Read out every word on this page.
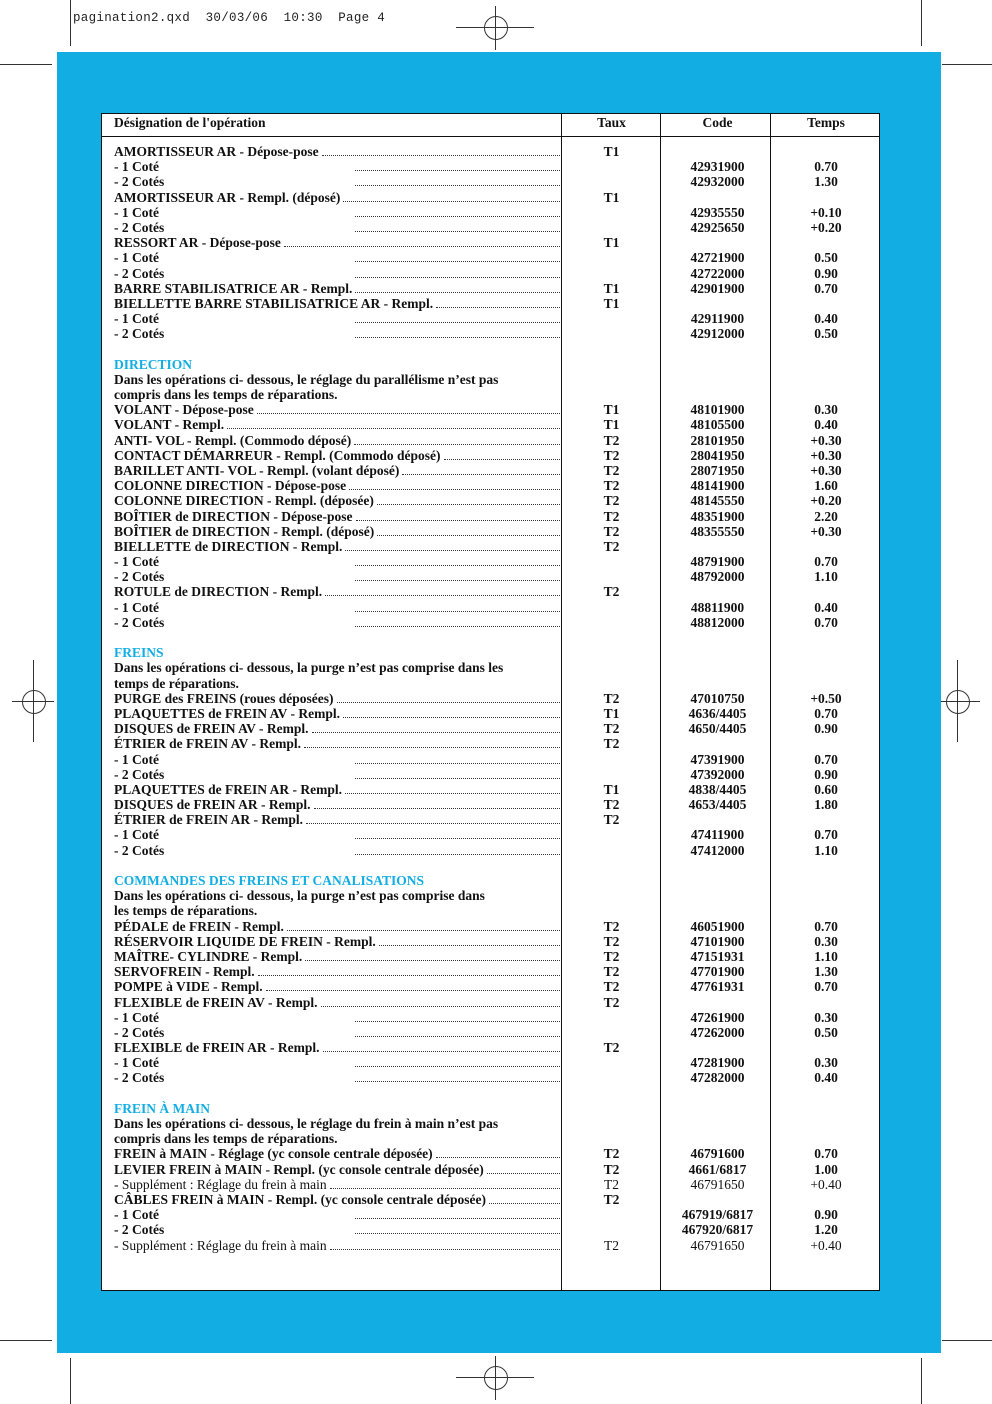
pagination2.qxd  30/03/06  10:30  Page 4
Désignation de l'opération	Taux	Code	Temps
AMORTISSEUR AR - Dépose-pose	T1
- 1 Coté	42931900	0.70
- 2 Cotés	42932000	1.30
AMORTISSEUR AR - Rempl. (déposé)	T1
- 1 Coté	42935550	+0.10
- 2 Cotés	42925650	+0.20
RESSORT AR - Dépose-pose	T1
- 1 Coté	42721900	0.50
- 2 Cotés	42722000	0.90
BARRE STABILISATRICE AR - Rempl.	T1	42901900	0.70
BIELLETTE BARRE STABILISATRICE AR - Rempl.	T1
- 1 Coté	42911900	0.40
- 2 Cotés	42912000	0.50
DIRECTION
Dans les opérations ci- dessous, le réglage du parallélisme n’est pas
compris dans les temps de réparations.
VOLANT - Dépose-pose	T1	48101900	0.30
VOLANT - Rempl.	T1	48105500	0.40
ANTI- VOL - Rempl. (Commodo déposé)	T2	28101950	+0.30
CONTACT DÉMARREUR - Rempl. (Commodo déposé)	T2	28041950	+0.30
BARILLET ANTI- VOL - Rempl. (volant déposé)	T2	28071950	+0.30
COLONNE DIRECTION - Dépose-pose	T2	48141900	1.60
COLONNE DIRECTION - Rempl. (déposée)	T2	48145550	+0.20
BOÎTIER de DIRECTION - Dépose-pose	T2	48351900	2.20
BOÎTIER de DIRECTION - Rempl. (déposé)	T2	48355550	+0.30
BIELLETTE de DIRECTION - Rempl.	T2
- 1 Coté	48791900	0.70
- 2 Cotés	48792000	1.10
ROTULE de DIRECTION - Rempl.	T2
- 1 Coté	48811900	0.40
- 2 Cotés	48812000	0.70
FREINS
Dans les opérations ci- dessous, la purge n’est pas comprise dans les
temps de réparations.
PURGE des FREINS (roues déposées)	T2	47010750	+0.50
PLAQUETTES de FREIN AV - Rempl.	T1	4636/4405	0.70
DISQUES de FREIN AV - Rempl.	T2	4650/4405	0.90
ÉTRIER de FREIN AV - Rempl.	T2
- 1 Coté	47391900	0.70
- 2 Cotés	47392000	0.90
PLAQUETTES de FREIN AR - Rempl.	T1	4838/4405	0.60
DISQUES de FREIN AR - Rempl.	T2	4653/4405	1.80
ÉTRIER de FREIN AR - Rempl.	T2
- 1 Coté	47411900	0.70
- 2 Cotés	47412000	1.10
COMMANDES DES FREINS ET CANALISATIONS
Dans les opérations ci- dessous, la purge n’est pas comprise dans
les temps de réparations.
PÉDALE de FREIN - Rempl.	T2	46051900	0.70
RÉSERVOIR LIQUIDE DE FREIN - Rempl.	T2	47101900	0.30
MAÎTRE- CYLINDRE - Rempl.	T2	47151931	1.10
SERVOFREIN - Rempl.	T2	47701900	1.30
POMPE à VIDE - Rempl.	T2	47761931	0.70
FLEXIBLE de FREIN AV - Rempl.	T2
- 1 Coté	47261900	0.30
- 2 Cotés	47262000	0.50
FLEXIBLE de FREIN AR - Rempl.	T2
- 1 Coté	47281900	0.30
- 2 Cotés	47282000	0.40
FREIN À MAIN
Dans les opérations ci- dessous, le réglage du frein à main n’est pas
compris dans les temps de réparations.
FREIN à MAIN - Réglage (yc console centrale déposée)	T2	46791600	0.70
LEVIER FREIN à MAIN - Rempl. (yc console centrale déposée)	T2	4661/6817	1.00
- Supplément : Réglage du frein à main	T2	46791650	+0.40
CÂBLES FREIN à MAIN - Rempl. (yc console centrale déposée)	T2
- 1 Coté	467919/6817	0.90
- 2 Cotés	467920/6817	1.20
- Supplément : Réglage du frein à main	T2	46791650	+0.40
